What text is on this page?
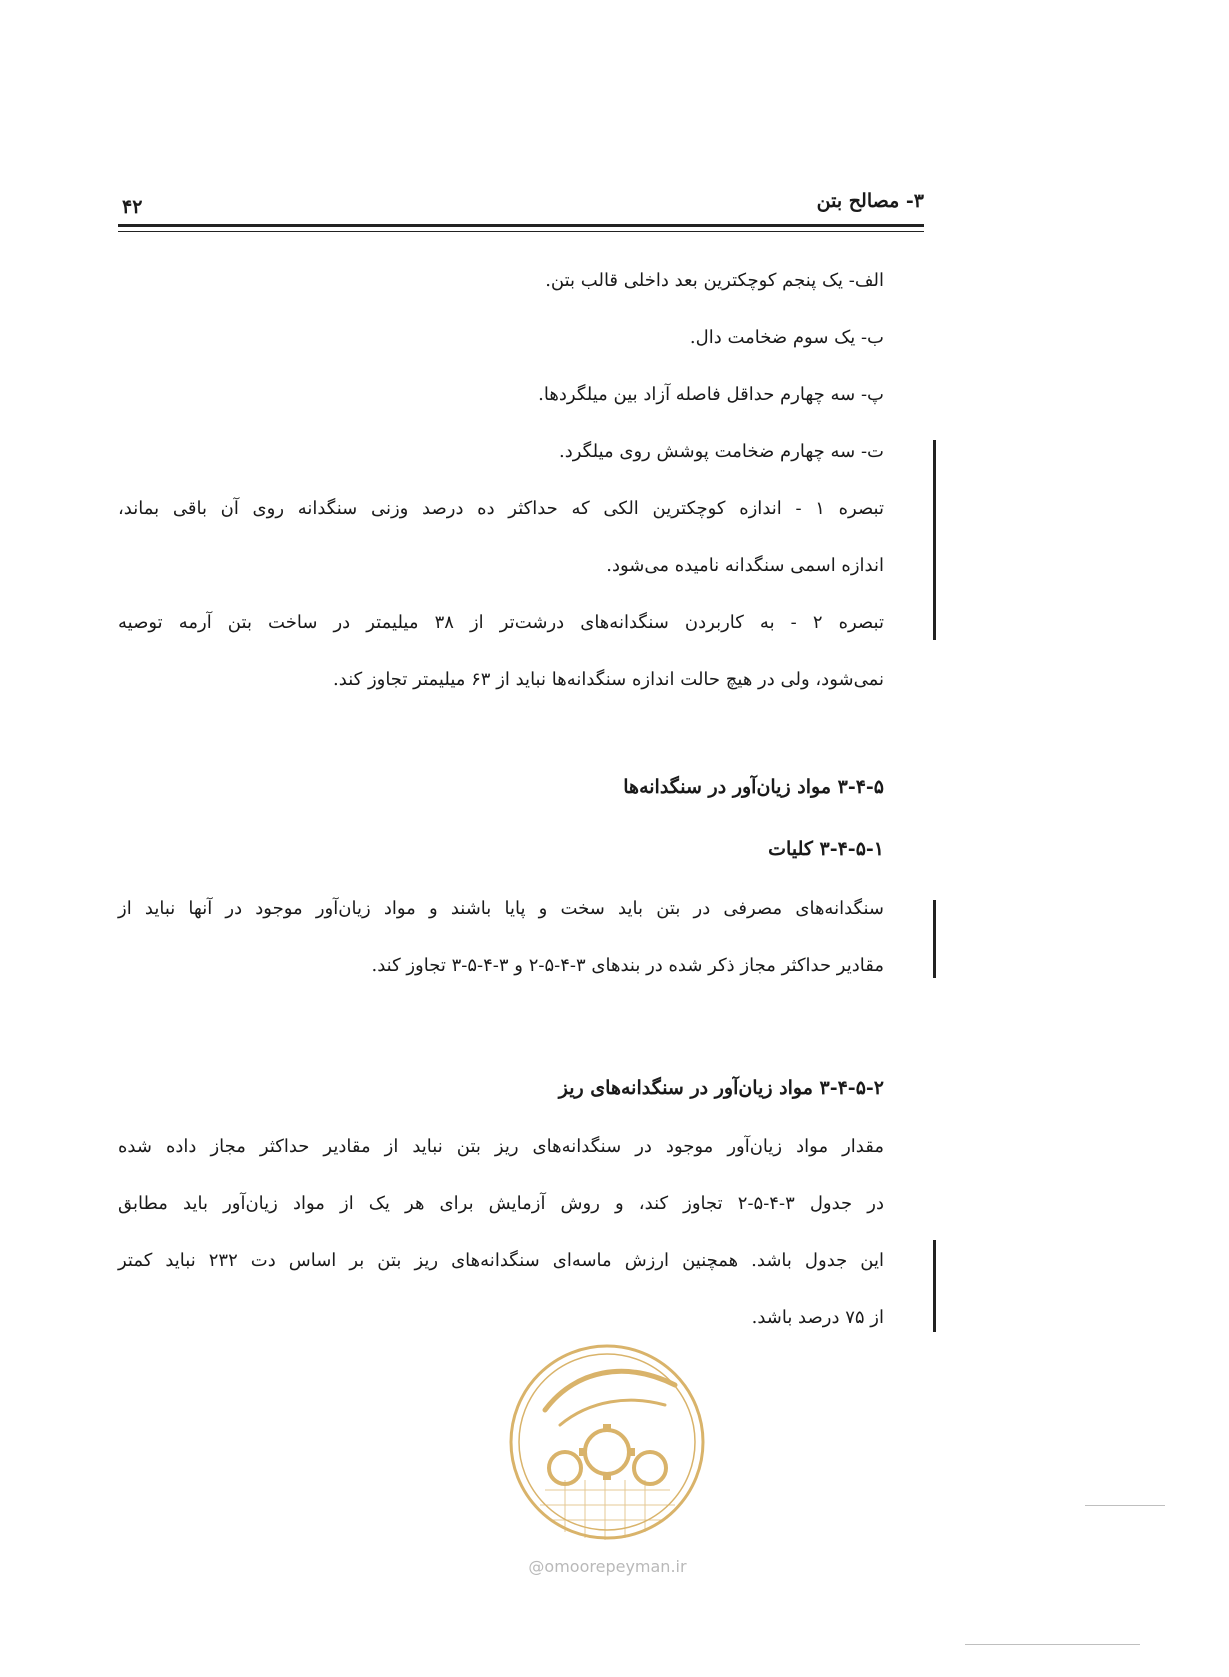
۳- مصالح بتن
۴۲
الف- یک پنجم کوچکترین بعد داخلی قالب بتن.
ب- یک سوم ضخامت دال.
پ- سه چهارم حداقل فاصله آزاد بین میلگردها.
ت- سه چهارم ضخامت پوشش روی میلگرد.
تبصره ۱ - اندازه کوچکترین الکی که حداکثر ده درصد وزنی سنگدانه روی آن باقی بماند،
اندازه اسمی سنگدانه نامیده می‌شود.
تبصره ۲ - به کاربردن سنگدانه‌های درشت‌تر از ۳۸ میلیمتر در ساخت بتن آرمه توصیه
نمی‌شود، ولی در هیچ حالت اندازه سنگدانه‌ها نباید از ۶۳ میلیمتر تجاوز کند.
۳-۴-۵ مواد زیان‌آور در سنگدانه‌ها
۳-۴-۵-۱ کلیات
سنگدانه‌های مصرفی در بتن باید سخت و پایا باشند و مواد زیان‌آور موجود در آنها نباید از
مقادیر حداکثر مجاز ذکر شده در بندهای ۳-۴-۵-۲ و ۳-۴-۵-۳ تجاوز کند.
۳-۴-۵-۲ مواد زیان‌آور در سنگدانه‌های ریز
مقدار مواد زیان‌آور موجود در سنگدانه‌های ریز بتن نباید از مقادیر حداکثر مجاز داده شده
در جدول ۳-۴-۵-۲ تجاوز کند، و روش آزمایش برای هر یک از مواد زیان‌آور باید مطابق
این جدول باشد. همچنین ارزش ماسه‌ای سنگدانه‌های ریز بتن بر اساس دت ۲۳۲ نباید کمتر
از ۷۵ درصد باشد.
@omoorepeyman.ir
